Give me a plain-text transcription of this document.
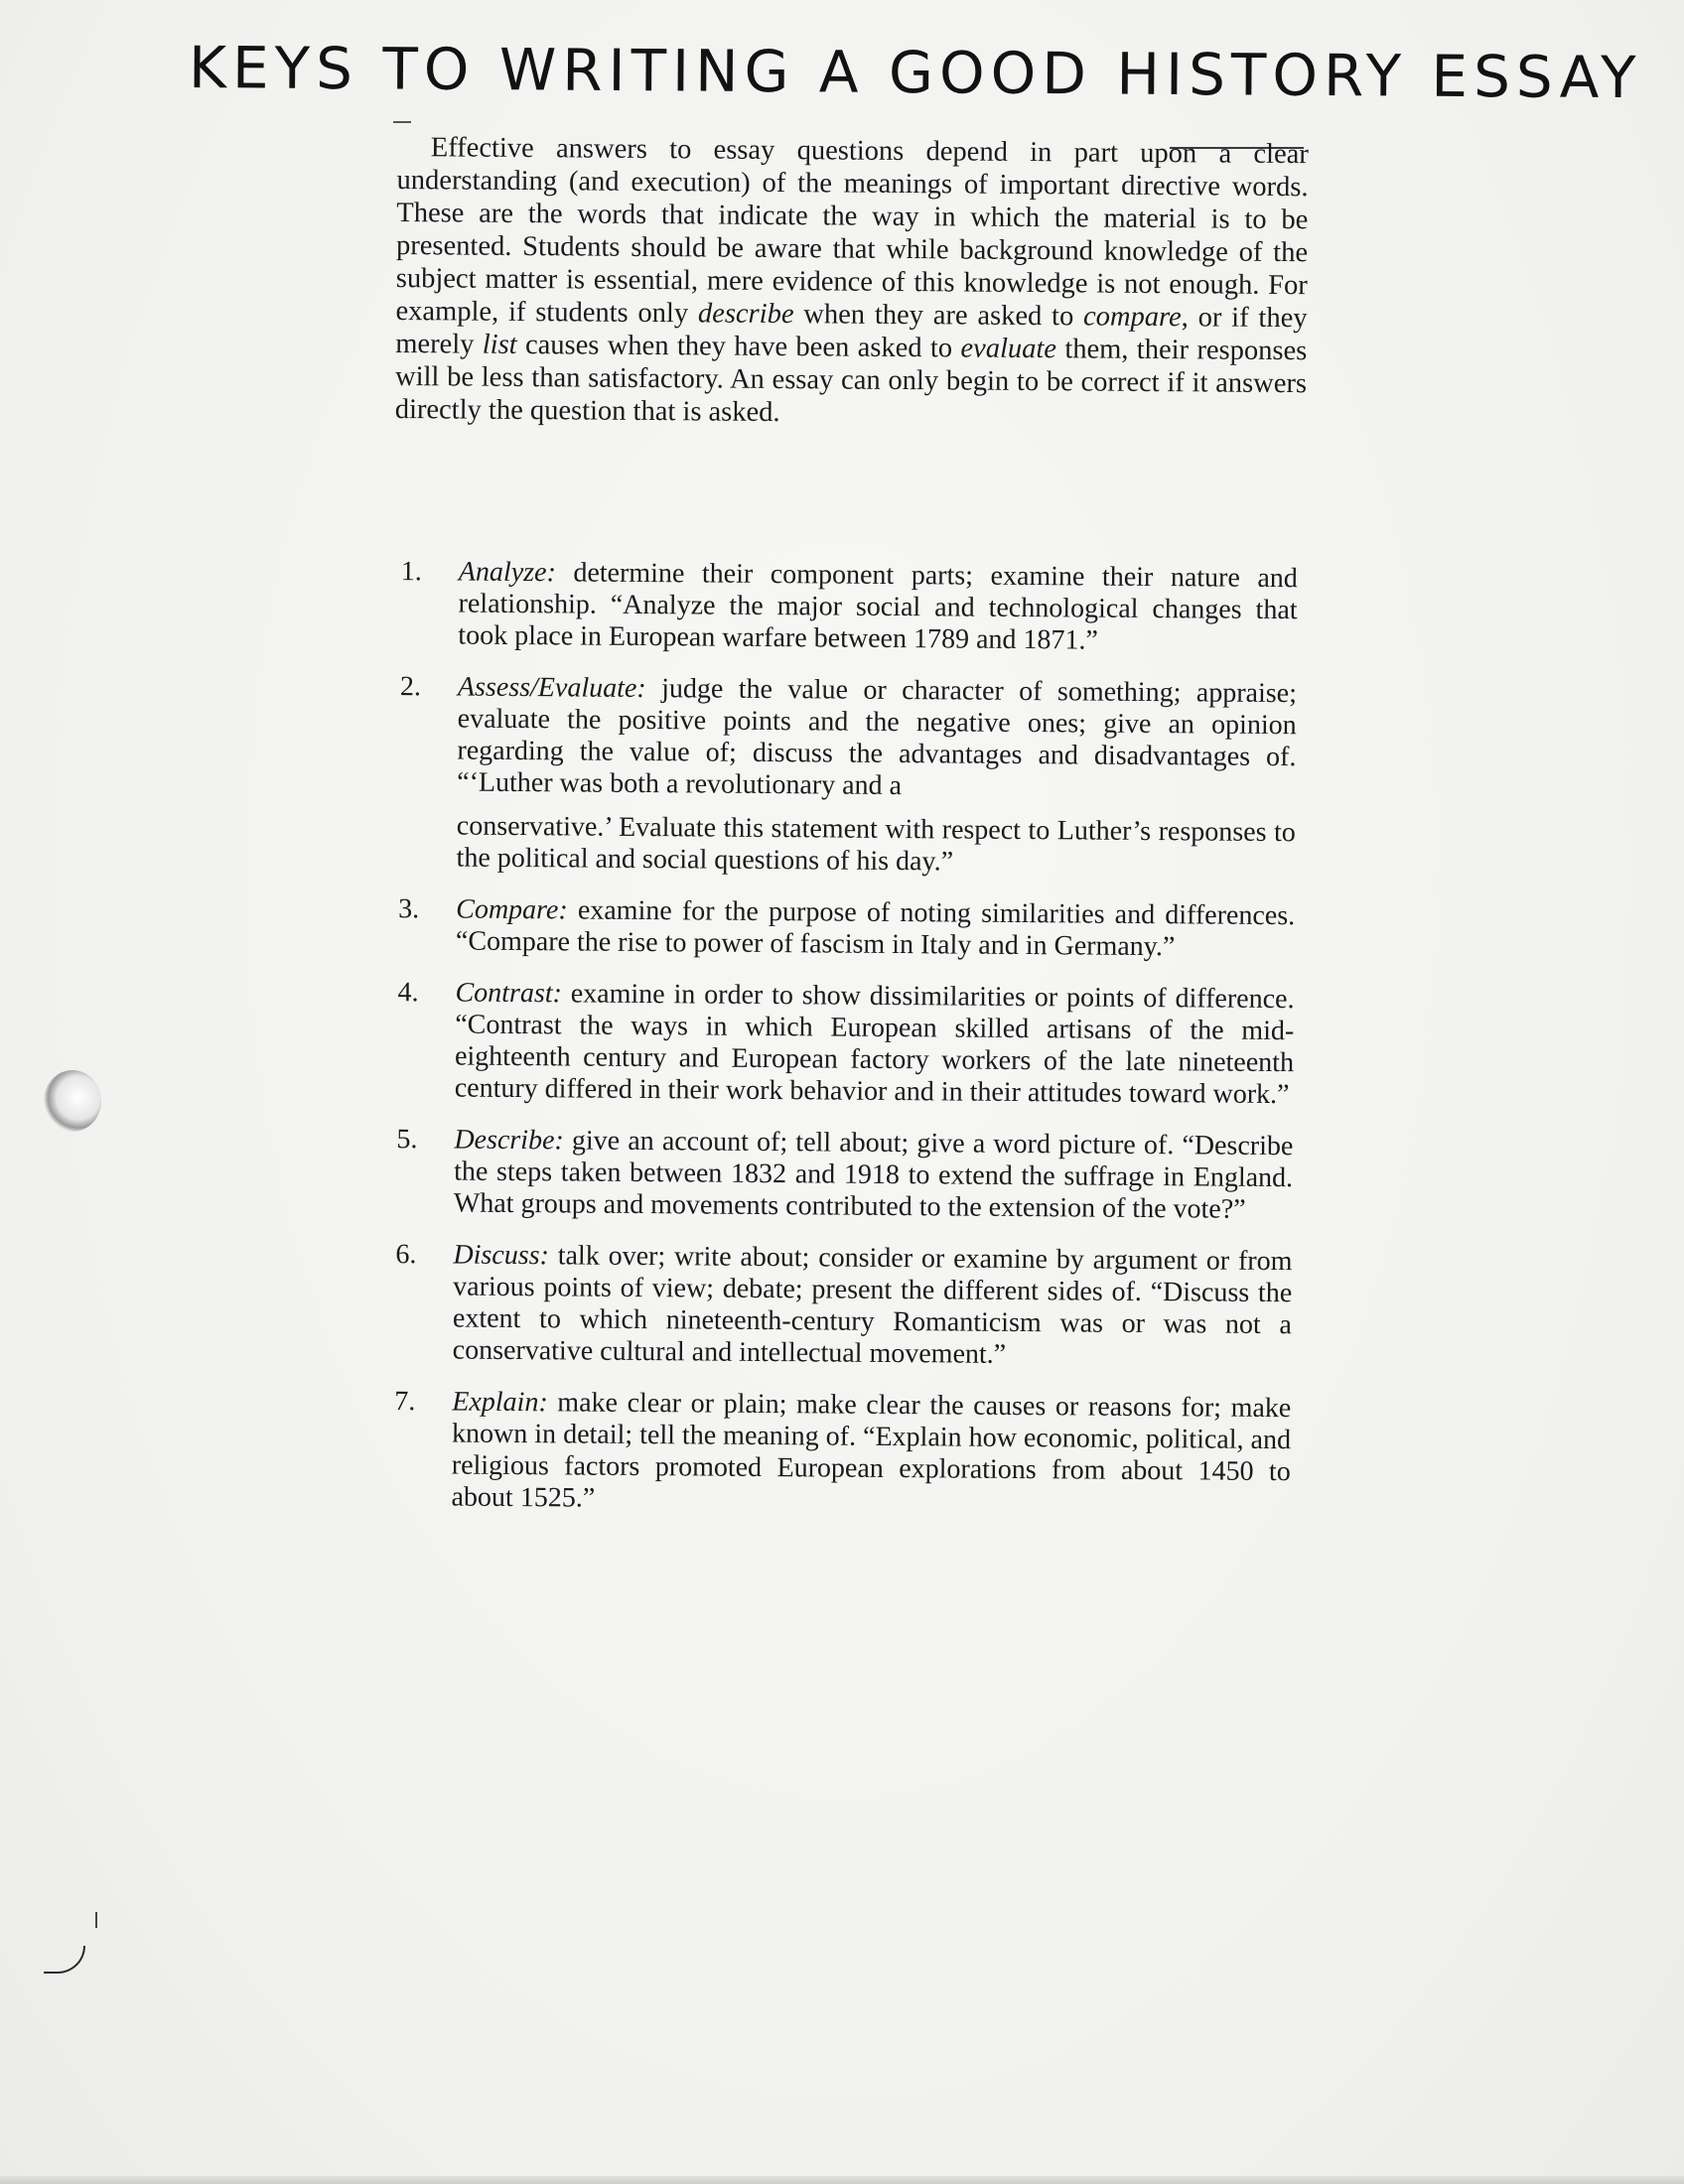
KEYS TO WRITING A GOOD HISTORY ESSAY

Effective answers to essay questions depend in part upon a clear understanding (and execution) of the meanings of important directive words. These are the words that indicate the way in which the material is to be presented. Students should be aware that while background knowledge of the subject matter is essential, mere evidence of this knowledge is not enough. For example, if students only describe when they are asked to compare, or if they merely list causes when they have been asked to evaluate them, their responses will be less than satisfactory. An essay can only begin to be correct if it answers directly the question that is asked.

1. Analyze: determine their component parts; examine their nature and relationship. “Analyze the major social and technological changes that took place in European warfare between 1789 and 1871.”
2. Assess/Evaluate: judge the value or character of something; appraise; evaluate the positive points and the negative ones; give an opinion regarding the value of; discuss the advantages and disadvantages of. “‘Luther was both a revolutionary and a
conservative.’ Evaluate this statement with respect to Luther’s responses to the political and social questions of his day.”
3. Compare: examine for the purpose of noting similarities and differences. “Compare the rise to power of fascism in Italy and in Germany.”
4. Contrast: examine in order to show dissimilarities or points of difference. “Contrast the ways in which European skilled artisans of the mid-eighteenth century and European factory workers of the late nineteenth century differed in their work behavior and in their attitudes toward work.”
5. Describe: give an account of; tell about; give a word picture of. “Describe the steps taken between 1832 and 1918 to extend the suffrage in England. What groups and movements contributed to the extension of the vote?”
6. Discuss: talk over; write about; consider or examine by argument or from various points of view; debate; present the different sides of. “Discuss the extent to which nineteenth-century Romanticism was or was not a conservative cultural and intellectual movement.”
7. Explain: make clear or plain; make clear the causes or reasons for; make known in detail; tell the meaning of. “Explain how economic, political, and religious factors promoted European explorations from about 1450 to about 1525.”
